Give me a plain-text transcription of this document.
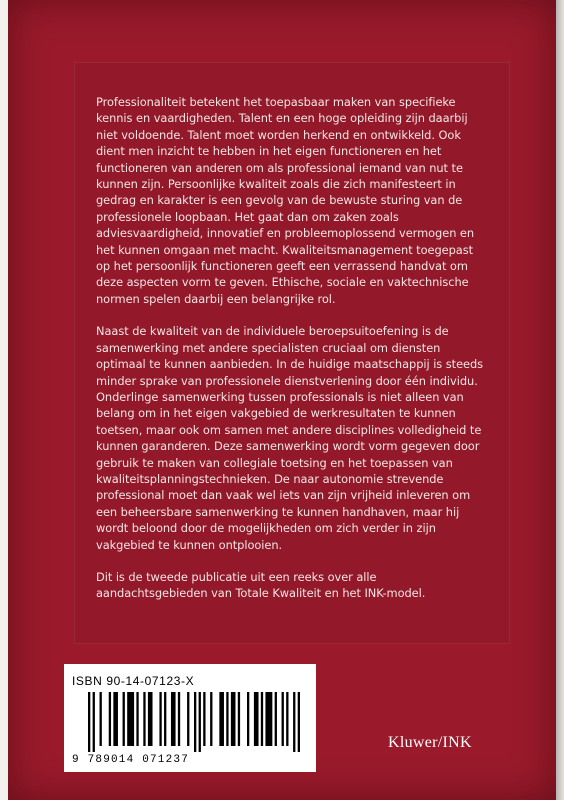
Professionaliteit betekent het toepasbaar maken van specifieke kennis en vaardigheden. Talent en een hoge opleiding zijn daarbij niet voldoende. Talent moet worden herkend en ontwikkeld. Ook dient men inzicht te hebben in het eigen functioneren en het functioneren van anderen om als professional iemand van nut te kunnen zijn. Persoonlijke kwaliteit zoals die zich manifesteert in gedrag en karakter is een gevolg van de bewuste sturing van de professionele loopbaan. Het gaat dan om zaken zoals adviesvaardigheid, innovatief en probleemoplossend vermogen en het kunnen omgaan met macht. Kwaliteitsmanagement toegepast op het persoonlijk functioneren geeft een verrassend handvat om deze aspecten vorm te geven. Ethische, sociale en vaktechnische normen spelen daarbij een belangrijke rol.

Naast de kwaliteit van de individuele beroepsuitoefening is de samenwerking met andere specialisten cruciaal om diensten optimaal te kunnen aanbieden. In de huidige maatschappij is steeds minder sprake van professionele dienstverlening door één individu. Onderlinge samenwerking tussen professionals is niet alleen van belang om in het eigen vakgebied de werkresultaten te kunnen toetsen, maar ook om samen met andere disciplines volledigheid te kunnen garanderen. Deze samenwerking wordt vorm gegeven door gebruik te maken van collegiale toetsing en het toepassen van kwaliteitsplanningstechnieken. De naar autonomie strevende professional moet dan vaak wel iets van zijn vrijheid inleveren om een beheersbare samenwerking te kunnen handhaven, maar hij wordt beloond door de mogelijkheden om zich verder in zijn vakgebied te kunnen ontplooien.

Dit is de tweede publicatie uit een reeks over alle aandachtsgebieden van Totale Kwaliteit en het INK-model.

ISBN 90-14-07123-X
9 789014 071237
Kluwer/INK
